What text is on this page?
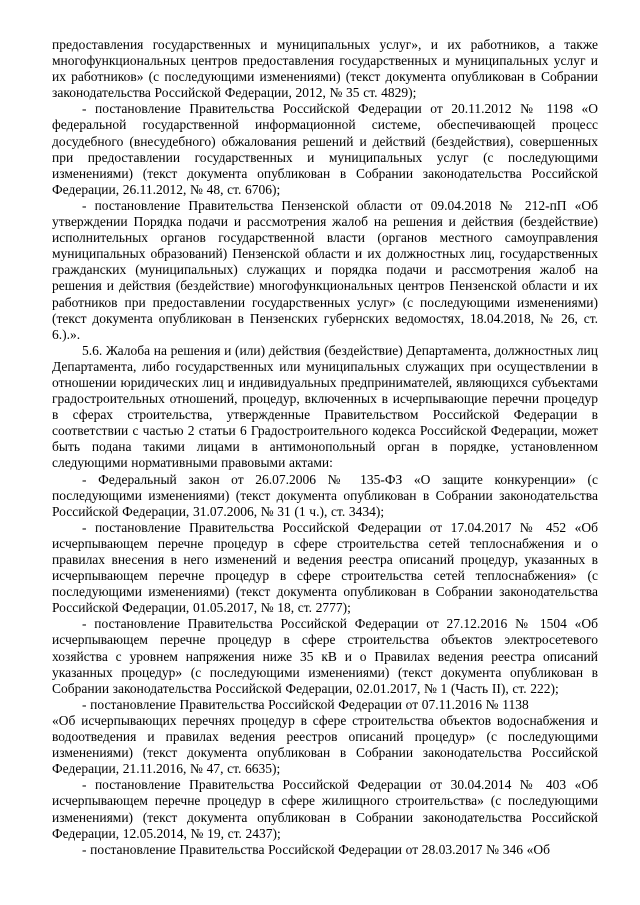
предоставления государственных и муниципальных услуг», и их работников, а также многофункциональных центров предоставления государственных и муниципальных услуг и их работников» (с последующими изменениями) (текст документа опубликован в Собрании законодательства Российской Федерации, 2012, № 35 ст. 4829);

- постановление Правительства Российской Федерации от 20.11.2012 № 1198 «О федеральной государственной информационной системе, обеспечивающей процесс досудебного (внесудебного) обжалования решений и действий (бездействия), совершенных при предоставлении государственных и муниципальных услуг (с последующими изменениями) (текст документа опубликован в Собрании законодательства Российской Федерации, 26.11.2012, № 48, ст. 6706);

- постановление Правительства Пензенской области от 09.04.2018 № 212-пП «Об утверждении Порядка подачи и рассмотрения жалоб на решения и действия (бездействие) исполнительных органов государственной власти (органов местного самоуправления муниципальных образований) Пензенской области и их должностных лиц, государственных гражданских (муниципальных) служащих и порядка подачи и рассмотрения жалоб на решения и действия (бездействие) многофункциональных центров Пензенской области и их работников при предоставлении государственных услуг» (с последующими изменениями) (текст документа опубликован в Пензенских губернских ведомостях, 18.04.2018, № 26, ст. 6.).».

5.6. Жалоба на решения и (или) действия (бездействие) Департамента, должностных лиц Департамента, либо государственных или муниципальных служащих при осуществлении в отношении юридических лиц и индивидуальных предпринимателей, являющихся субъектами градостроительных отношений, процедур, включенных в исчерпывающие перечни процедур в сферах строительства, утвержденные Правительством Российской Федерации в соответствии с частью 2 статьи 6 Градостроительного кодекса Российской Федерации, может быть подана такими лицами в антимонопольный орган в порядке, установленном следующими нормативными правовыми актами:

- Федеральный закон от 26.07.2006 № 135-ФЗ «О защите конкуренции» (с последующими изменениями) (текст документа опубликован в Собрании законодательства Российской Федерации, 31.07.2006, № 31 (1 ч.), ст. 3434);

- постановление Правительства Российской Федерации от 17.04.2017 № 452 «Об исчерпывающем перечне процедур в сфере строительства сетей теплоснабжения и о правилах внесения в него изменений и ведения реестра описаний процедур, указанных в исчерпывающем перечне процедур в сфере строительства сетей теплоснабжения» (с последующими изменениями) (текст документа опубликован в Собрании законодательства Российской Федерации, 01.05.2017, № 18, ст. 2777);

- постановление Правительства Российской Федерации от 27.12.2016 № 1504 «Об исчерпывающем перечне процедур в сфере строительства объектов электросетевого хозяйства с уровнем напряжения ниже 35 кВ и о Правилах ведения реестра описаний указанных процедур» (с последующими изменениями) (текст документа опубликован в Собрании законодательства Российской Федерации, 02.01.2017, № 1 (Часть II), ст. 222);

- постановление Правительства Российской Федерации от 07.11.2016 № 1138

«Об исчерпывающих перечнях процедур в сфере строительства объектов водоснабжения и водоотведения и правилах ведения реестров описаний процедур» (с последующими изменениями) (текст документа опубликован в Собрании законодательства Российской Федерации, 21.11.2016, № 47, ст. 6635);

- постановление Правительства Российской Федерации от 30.04.2014 № 403 «Об исчерпывающем перечне процедур в сфере жилищного строительства» (с последующими изменениями) (текст документа опубликован в Собрании законодательства Российской Федерации, 12.05.2014, № 19, ст. 2437);

- постановление Правительства Российской Федерации от 28.03.2017 № 346 «Об
